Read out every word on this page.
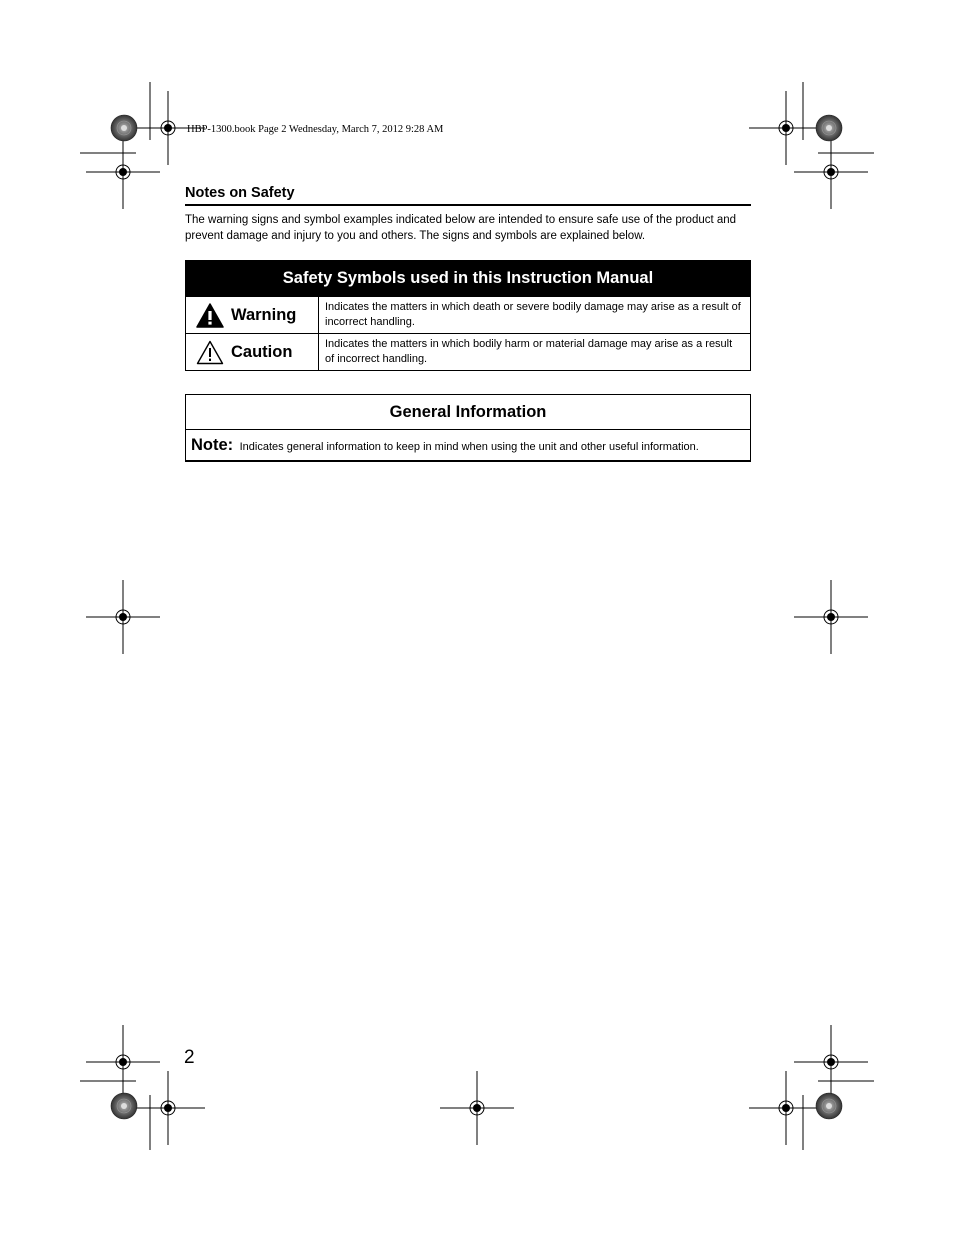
HBP-1300.book Page 2 Wednesday, March 7, 2012 9:28 AM
Notes on Safety
The warning signs and symbol examples indicated below are intended to ensure safe use of the product and prevent damage and injury to you and others. The signs and symbols are explained below.
Safety Symbols used in this Instruction Manual	

Warning	Indicates the matters in which death or severe bodily damage may arise as a result of incorrect handling.

Caution	Indicates the matters in which bodily harm or material damage may arise as a result of incorrect handling.
General Information
Note: Indicates general information to keep in mind when using the unit and other useful information.
2
